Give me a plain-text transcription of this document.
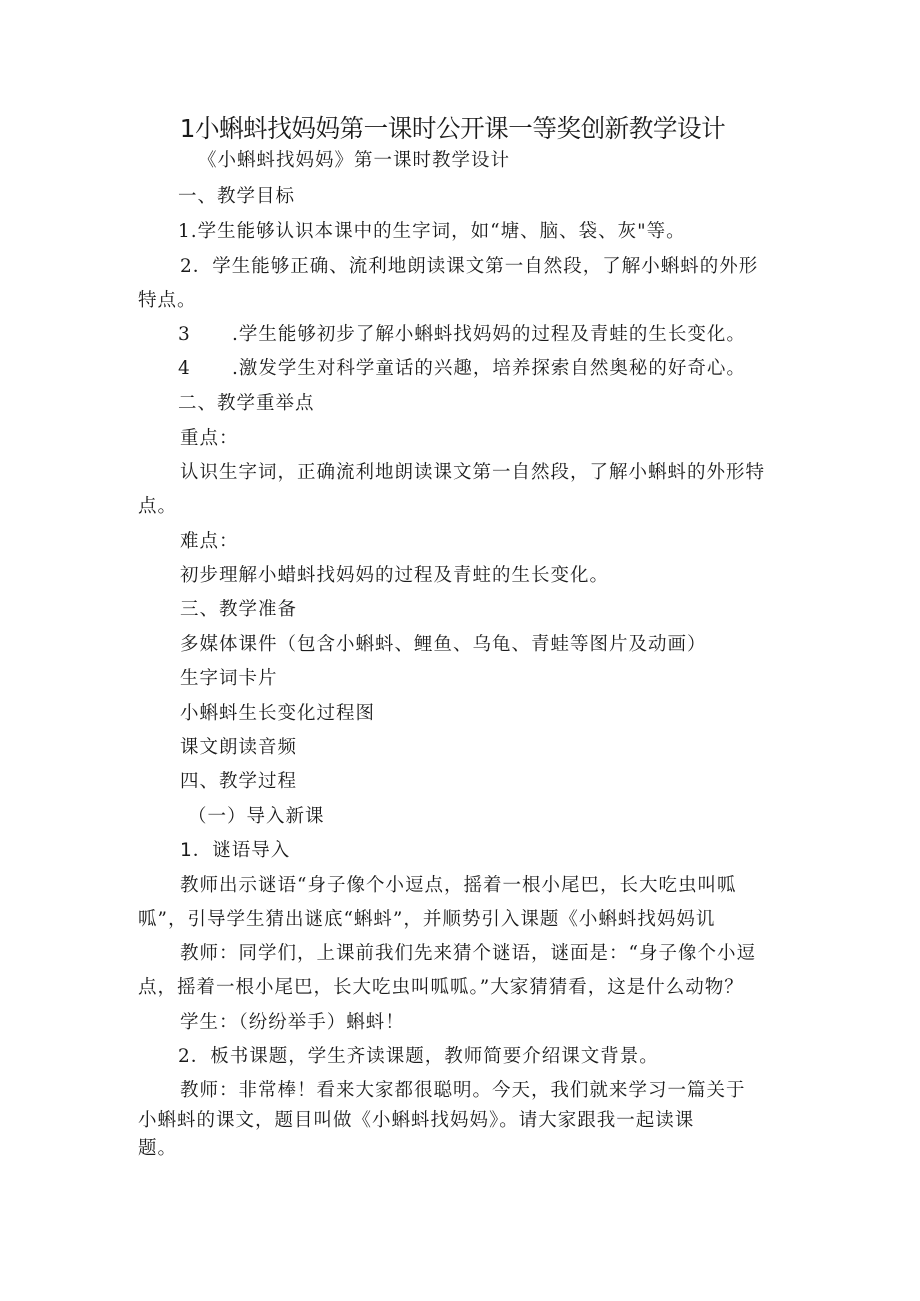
1小蝌蚪找妈妈第一课时公开课一等奖创新教学设计
《小蝌蚪找妈妈》第一课时教学设计
一、教学目标
1.学生能够认识本课中的生字词，如“塘、脑、袋、灰"等。
2．学生能够正确、流利地朗读课文第一自然段，了解小蝌蚪的外形
特点。
3      .学生能够初步了解小蝌蚪找妈妈的过程及青蛙的生长变化。
4      .激发学生对科学童话的兴趣，培养探索自然奥秘的好奇心。
二、教学重举点
重点：
认识生字词，正确流利地朗读课文第一自然段，了解小蝌蚪的外形特
点。
难点：
初步理解小蜡蚪找妈妈的过程及青蛀的生长变化。
三、教学准备
多媒体课件（包含小蝌蚪、鲤鱼、乌龟、青蛙等图片及动画）
生字词卡片
小蝌蚪生长变化过程图
课文朗读音频
四、教学过程
（一）导入新课
1．谜语导入
教师出示谜语“身子像个小逗点，摇着一根小尾巴，长大吃虫叫呱
呱”，引导学生猜出谜底“蝌蚪”，并顺势引入课题《小蝌蚪找妈妈讥
教师：同学们，上课前我们先来猜个谜语，谜面是：“身子像个小逗
点，摇着一根小尾巴，长大吃虫叫呱呱。”大家猜猜看，这是什么动物？
学生：（纷纷举手）蝌蚪！
2．板书课题，学生齐读课题，教师简要介绍课文背景。
教师：非常棒！看来大家都很聪明。今天，我们就来学习一篇关于
小蝌蚪的课文，题目叫做《小蝌蚪找妈妈》。请大家跟我一起读课
题。
